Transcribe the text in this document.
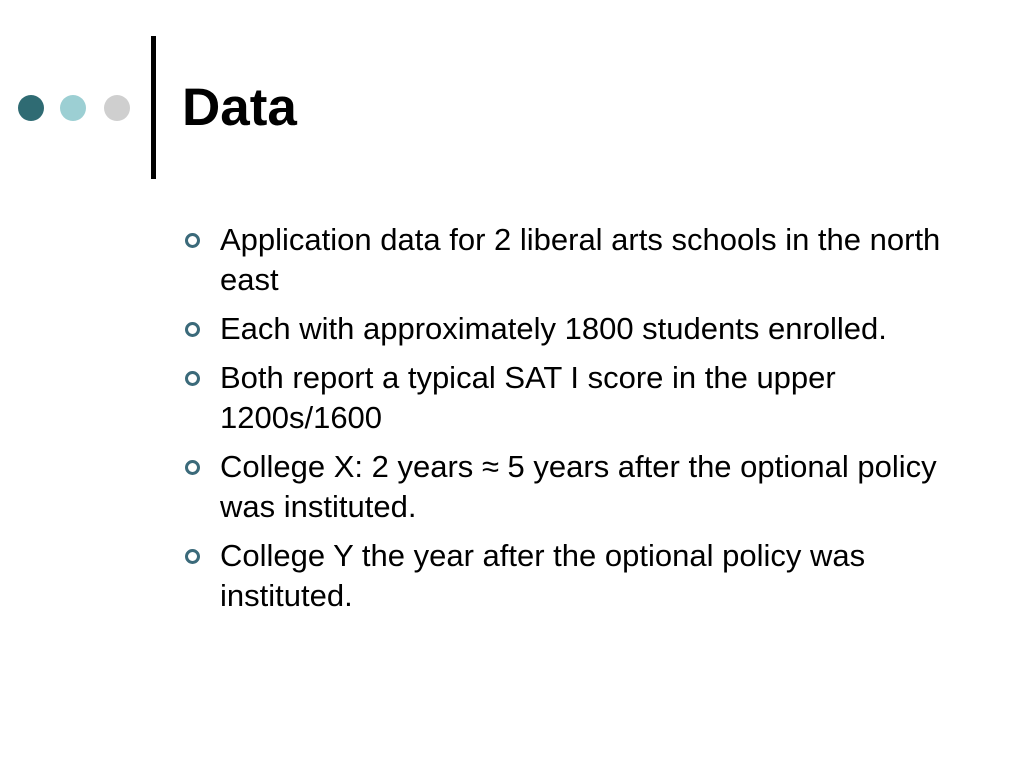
Data
Application data for 2 liberal arts schools in the north east
Each with approximately 1800 students enrolled.
Both report a typical SAT I score in the upper 1200s/1600
College X: 2 years ≈ 5 years after the optional policy was instituted.
College Y the year after the optional policy was instituted.
